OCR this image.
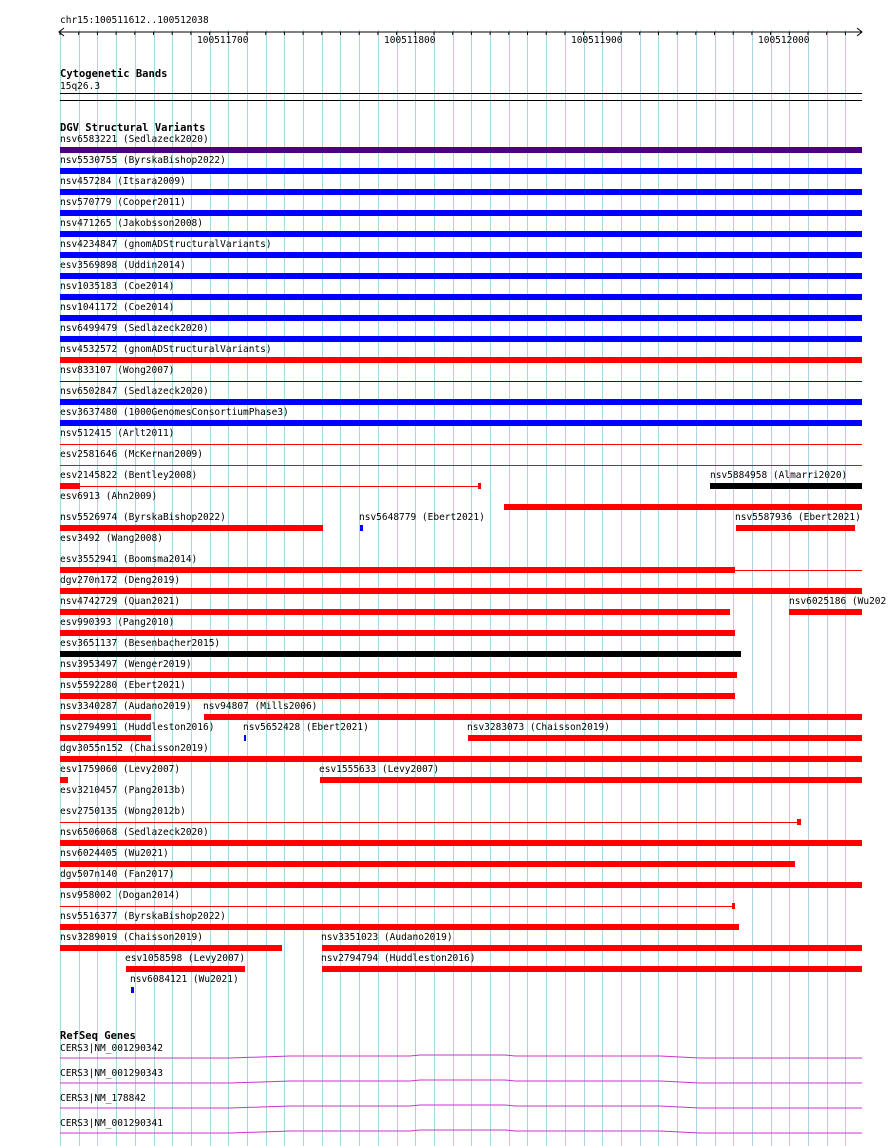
chr15:100511612..100512038
100511700	100511800	100511900	100512000
Cytogenetic Bands
15q26.3
DGV Structural Variants
nsv6583221 (Sedlazeck2020)
nsv5530755 (ByrskaBishop2022)
nsv457284 (Itsara2009)
nsv570779 (Cooper2011)
nsv471265 (Jakobsson2008)
nsv4234847 (gnomADStructuralVariants)
esv3569898 (Uddin2014)
nsv1035183 (Coe2014)
nsv1041172 (Coe2014)
nsv6499479 (Sedlazeck2020)
nsv4532572 (gnomADStructuralVariants)
nsv833107 (Wong2007)
nsv6502847 (Sedlazeck2020)
esv3637480 (1000GenomesConsortiumPhase3)
nsv512415 (Arlt2011)
esv2581646 (McKernan2009)
esv2145822 (Bentley2008)	nsv5884958 (Almarri2020)
esv6913 (Ahn2009)
nsv5526974 (ByrskaBishop2022)	nsv5648779 (Ebert2021)	nsv5587936 (Ebert2021)
esv3492 (Wang2008)
esv3552941 (Boomsma2014)
dgv270n172 (Deng2019)
nsv4742729 (Quan2021)	nsv6025186 (Wu202
esv990393 (Pang2010)
esv3651137 (Besenbacher2015)
nsv3953497 (Wenger2019)
nsv5592280 (Ebert2021)
nsv3340287 (Audano2019) nsv94807 (Mills2006)
nsv2794991 (Huddleston2016)	nsv5652428 (Ebert2021)	nsv3283073 (Chaisson2019)
dgv3055n152 (Chaisson2019)
esv1759060 (Levy2007)	esv1555633 (Levy2007)
esv3210457 (Pang2013b)
esv2750135 (Wong2012b)
nsv6506068 (Sedlazeck2020)
nsv6024405 (Wu2021)
dgv507n140 (Fan2017)
nsv958002 (Dogan2014)
nsv5516377 (ByrskaBishop2022)
nsv3289019 (Chaisson2019)	nsv3351023 (Audano2019)
esv1058598 (Levy2007)	nsv2794794 (Huddleston2016)
nsv6084121 (Wu2021)
RefSeq Genes
CERS3|NM_001290342
CERS3|NM_001290343
CERS3|NM_178842
CERS3|NM_001290341
